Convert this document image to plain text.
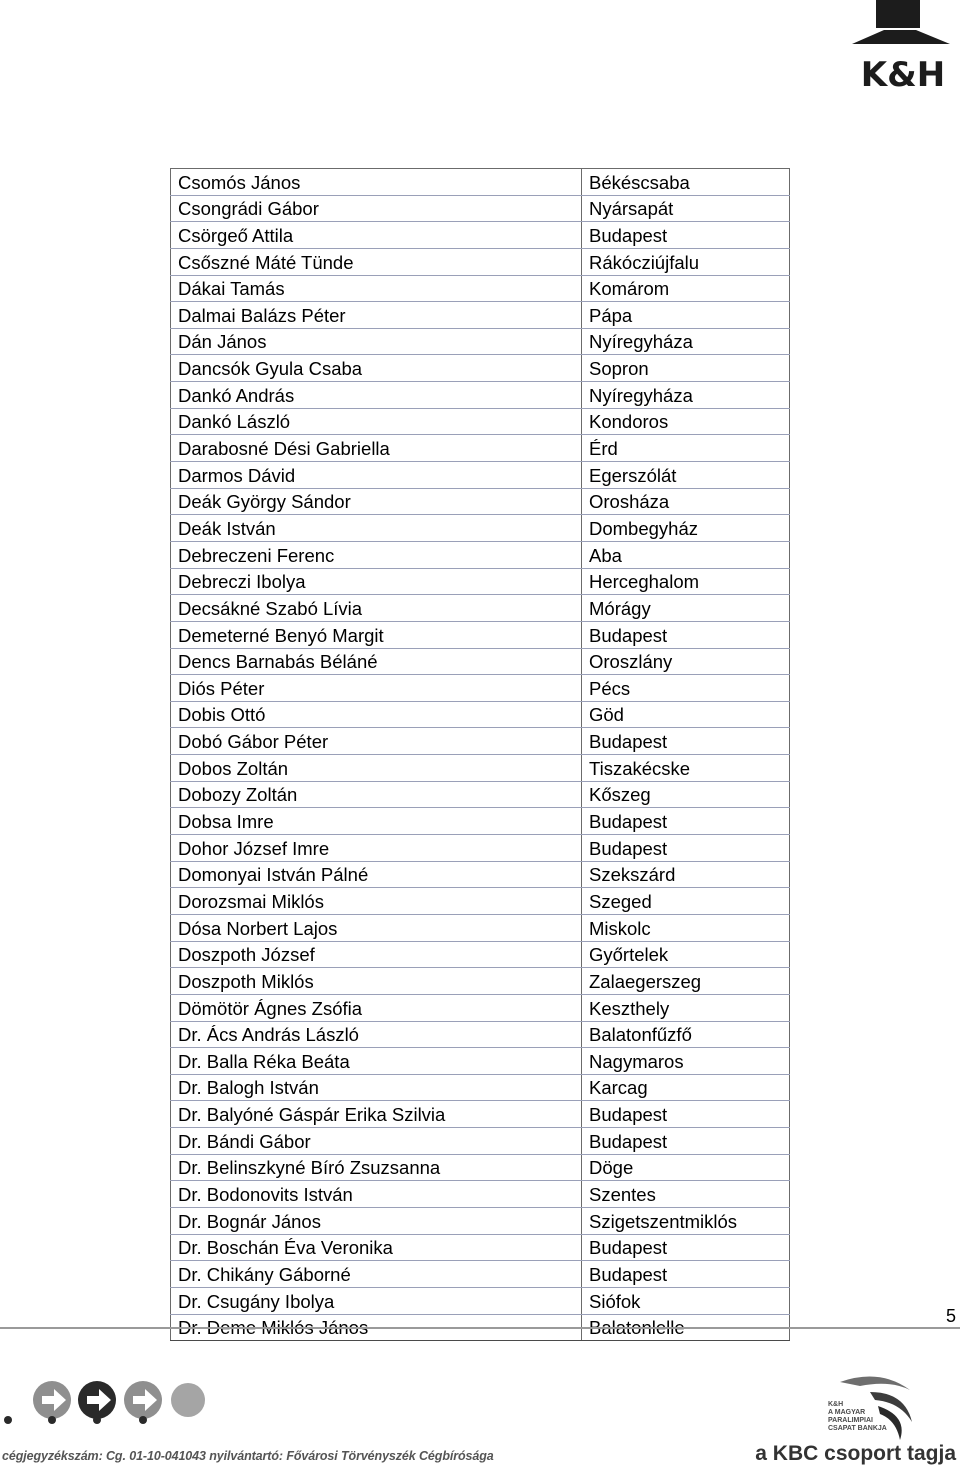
K&H
Csomós János	Békéscsaba
Csongrádi Gábor	Nyársapát
Csörgeő Attila	Budapest
Csőszné Máté Tünde	Rákócziújfalu
Dákai Tamás	Komárom
Dalmai Balázs Péter	Pápa
Dán János	Nyíregyháza
Dancsók Gyula Csaba	Sopron
Dankó András	Nyíregyháza
Dankó László	Kondoros
Darabosné Dési Gabriella	Érd
Darmos Dávid	Egerszólát
Deák György Sándor	Orosháza
Deák István	Dombegyház
Debreczeni Ferenc	Aba
Debreczi Ibolya	Herceghalom
Decsákné Szabó Lívia	Mórágy
Demeterné Benyó Margit	Budapest
Dencs Barnabás Béláné	Oroszlány
Diós Péter	Pécs
Dobis Ottó	Göd
Dobó Gábor Péter	Budapest
Dobos Zoltán	Tiszakécske
Dobozy Zoltán	Kőszeg
Dobsa Imre	Budapest
Dohor József Imre	Budapest
Domonyai István Pálné	Szekszárd
Dorozsmai Miklós	Szeged
Dósa Norbert Lajos	Miskolc
Doszpoth József	Győrtelek
Doszpoth Miklós	Zalaegerszeg
Dömötör Ágnes Zsófia	Keszthely
Dr. Ács András László	Balatonfűzfő
Dr. Balla Réka Beáta	Nagymaros
Dr. Balogh István	Karcag
Dr. Balyóné Gáspár Erika Szilvia	Budapest
Dr. Bándi Gábor	Budapest
Dr. Belinszkyné Bíró Zsuzsanna	Döge
Dr. Bodonovits István	Szentes
Dr. Bognár János	Szigetszentmiklós
Dr. Boschán Éva Veronika	Budapest
Dr. Chikány Gáborné	Budapest
Dr. Csugány Ibolya	Siófok
Dr. Deme Miklós János	Balatonlelle
5
cégjegyzékszám: Cg. 01-10-041043 nyilvántartó: Fővárosi Törvényszék Cégbírósága
K&H
A MAGYAR
PARALIMPIAI
CSAPAT BANKJA
a KBC csoport tagja
